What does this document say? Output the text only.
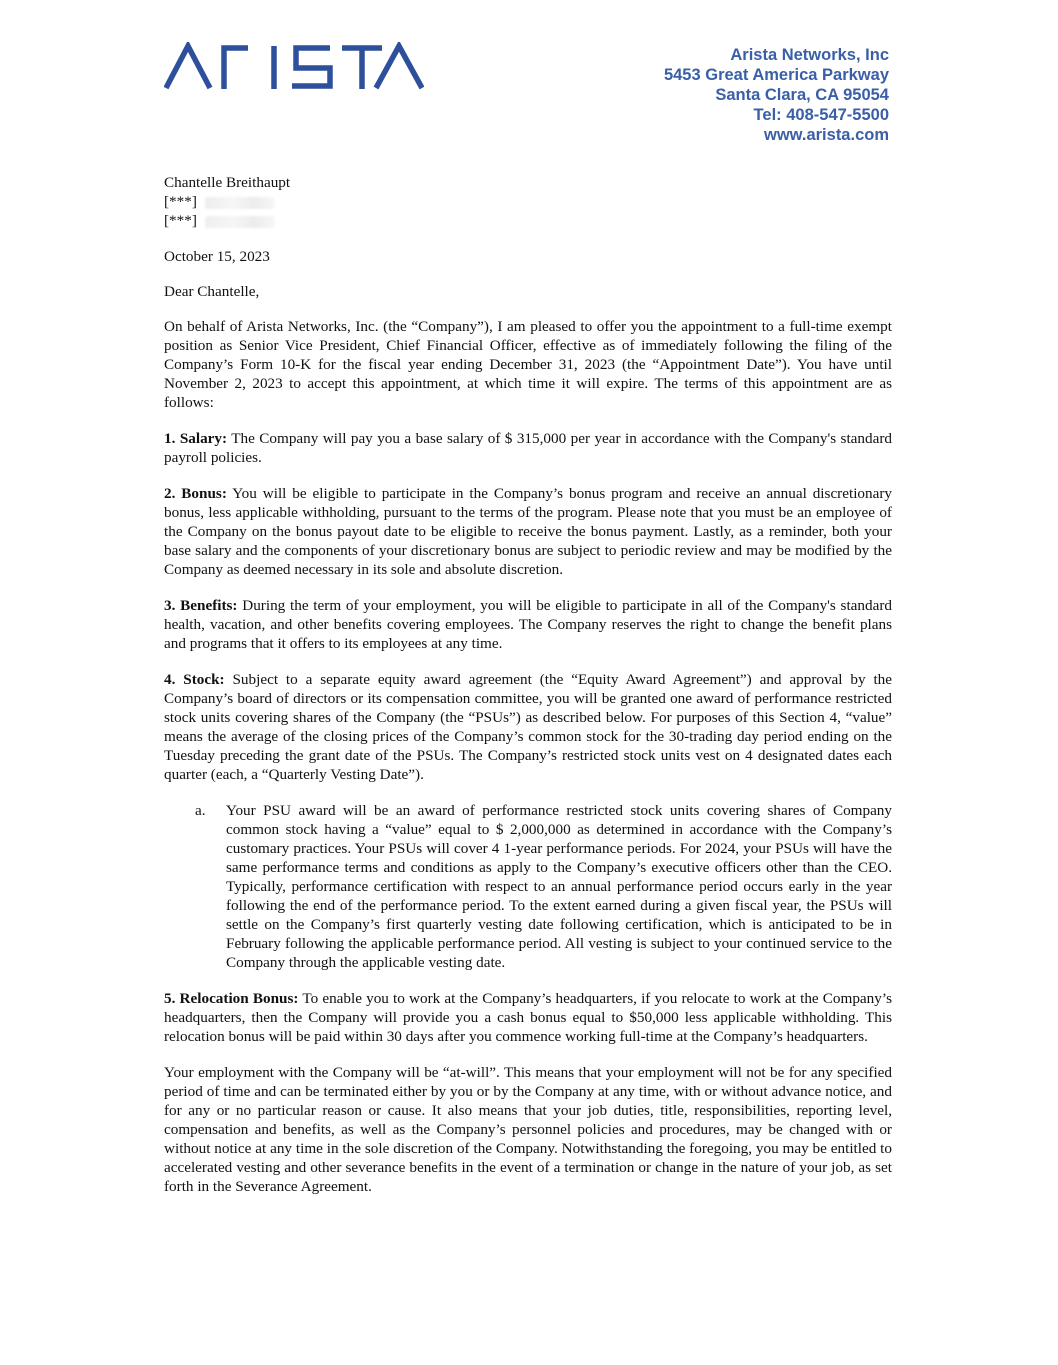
Arista Networks, Inc
5453 Great America Parkway
Santa Clara, CA 95054
Tel: 408-547-5500
www.arista.com
Chantelle Breithaupt
[***]
[***]
October 15, 2023
Dear Chantelle,

On behalf of Arista Networks, Inc. (the “Company”), I am pleased to offer you the appointment to a full-time exempt position as Senior Vice President, Chief Financial Officer, effective as of immediately following the filing of the Company’s Form 10-K for the fiscal year ending December 31, 2023 (the “Appointment Date”). You have until November 2, 2023 to accept this appointment, at which time it will expire. The terms of this appointment are as follows:

1. Salary: The Company will pay you a base salary of $ 315,000 per year in accordance with the Company's standard payroll policies.

2. Bonus: You will be eligible to participate in the Company’s bonus program and receive an annual discretionary bonus, less applicable withholding, pursuant to the terms of the program. Please note that you must be an employee of the Company on the bonus payout date to be eligible to receive the bonus payment. Lastly, as a reminder, both your base salary and the components of your discretionary bonus are subject to periodic review and may be modified by the Company as deemed necessary in its sole and absolute discretion.

3. Benefits: During the term of your employment, you will be eligible to participate in all of the Company's standard health, vacation, and other benefits covering employees. The Company reserves the right to change the benefit plans and programs that it offers to its employees at any time.

4. Stock: Subject to a separate equity award agreement (the “Equity Award Agreement”) and approval by the Company’s board of directors or its compensation committee, you will be granted one award of performance restricted stock units covering shares of the Company (the “PSUs”) as described below. For purposes of this Section 4, “value” means the average of the closing prices of the Company’s common stock for the 30-trading day period ending on the Tuesday preceding the grant date of the PSUs. The Company’s restricted stock units vest on 4 designated dates each quarter (each, a “Quarterly Vesting Date”).

a.	Your PSU award will be an award of performance restricted stock units covering shares of Company common stock having a “value” equal to $ 2,000,000 as determined in accordance with the Company’s customary practices. Your PSUs will cover 4 1-year performance periods. For 2024, your PSUs will have the same performance terms and conditions as apply to the Company’s executive officers other than the CEO. Typically, performance certification with respect to an annual performance period occurs early in the year following the end of the performance period. To the extent earned during a given fiscal year, the PSUs will settle on the Company’s first quarterly vesting date following certification, which is anticipated to be in February following the applicable performance period. All vesting is subject to your continued service to the Company through the applicable vesting date.

5. Relocation Bonus: To enable you to work at the Company’s headquarters, if you relocate to work at the Company’s headquarters, then the Company will provide you a cash bonus equal to $50,000 less applicable withholding. This relocation bonus will be paid within 30 days after you commence working full-time at the Company’s headquarters.

Your employment with the Company will be “at-will”. This means that your employment will not be for any specified period of time and can be terminated either by you or by the Company at any time, with or without advance notice, and for any or no particular reason or cause. It also means that your job duties, title, responsibilities, reporting level, compensation and benefits, as well as the Company’s personnel policies and procedures, may be changed with or without notice at any time in the sole discretion of the Company. Notwithstanding the foregoing, you may be entitled to accelerated vesting and other severance benefits in the event of a termination or change in the nature of your job, as set forth in the Severance Agreement.
